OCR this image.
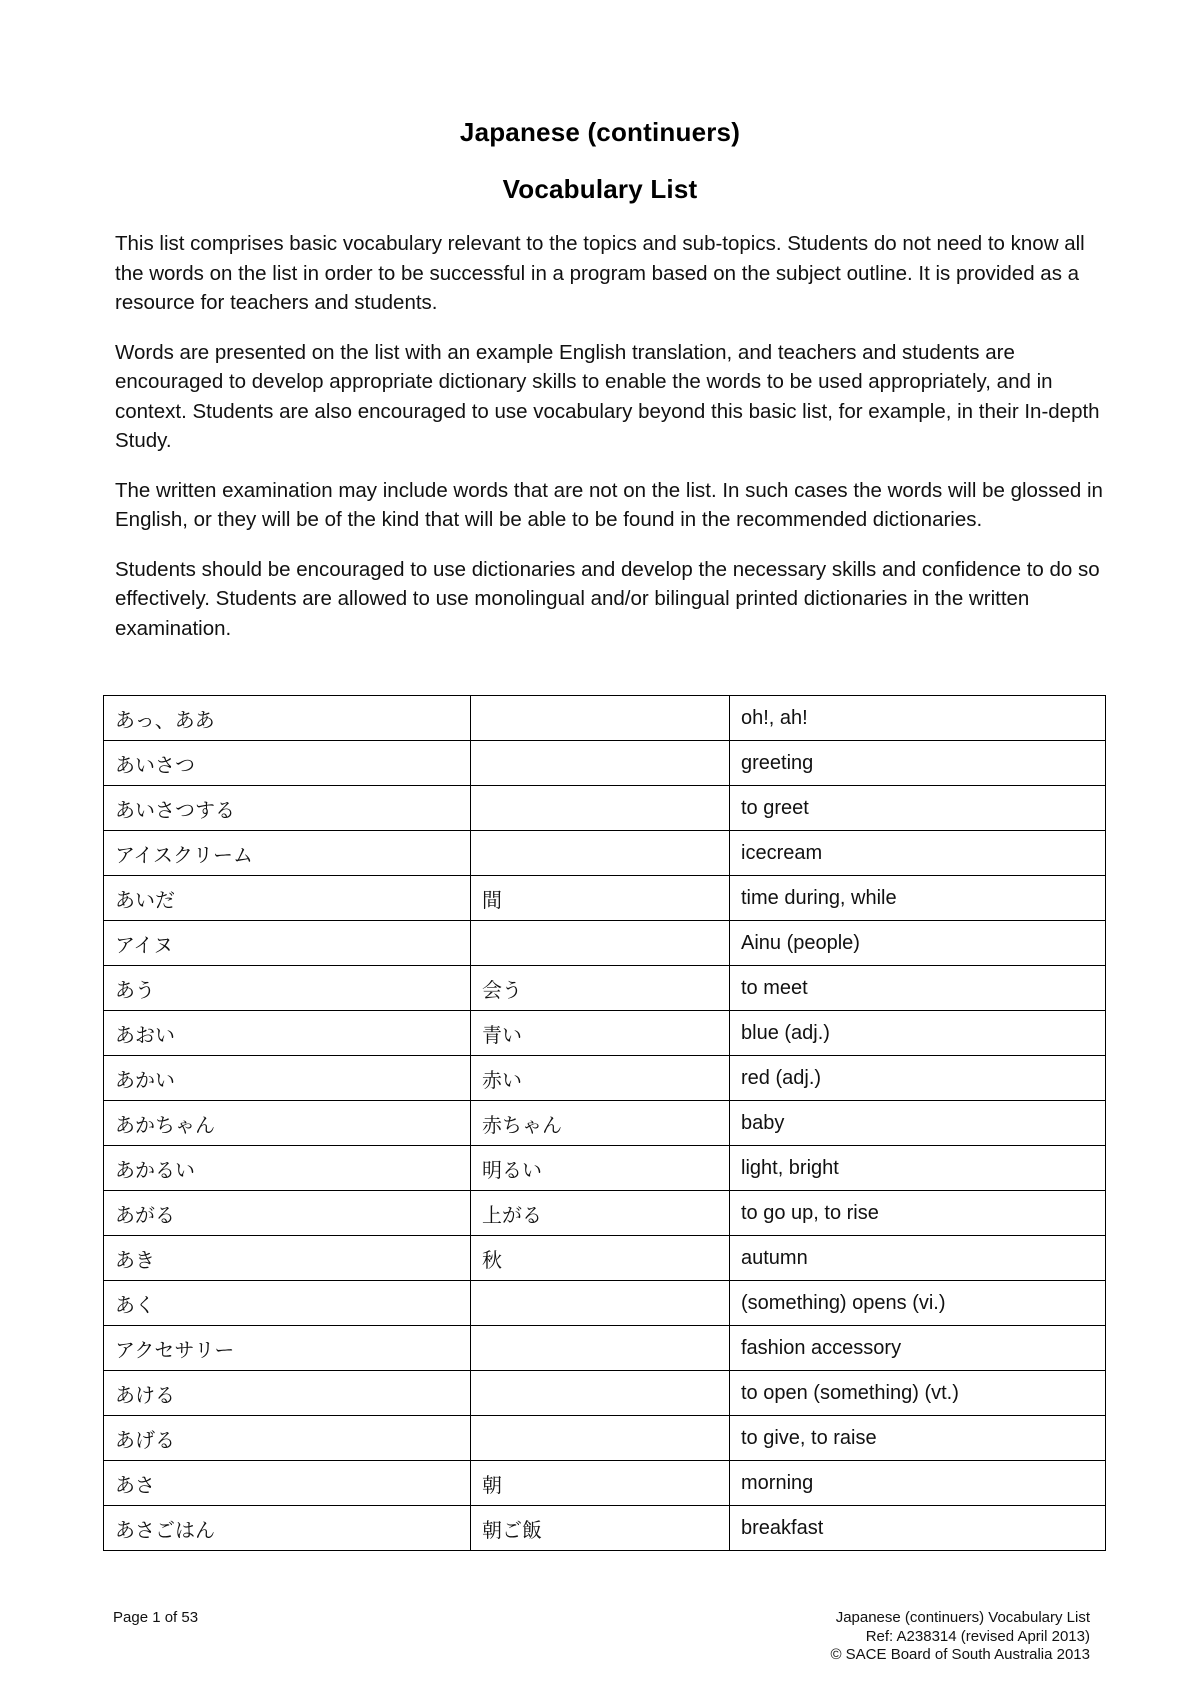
Japanese (continuers)
Vocabulary List

This list comprises basic vocabulary relevant to the topics and sub-topics. Students do not need to know all the words on the list in order to be successful in a program based on the subject outline. It is provided as a resource for teachers and students.

Words are presented on the list with an example English translation, and teachers and students are encouraged to develop appropriate dictionary skills to enable the words to be used appropriately, and in context. Students are also encouraged to use vocabulary beyond this basic list, for example, in their In-depth Study.

The written examination may include words that are not on the list. In such cases the words will be glossed in English, or they will be of the kind that will be able to be found in the recommended dictionaries.

Students should be encouraged to use dictionaries and develop the necessary skills and confidence to do so effectively. Students are allowed to use monolingual and/or bilingual printed dictionaries in the written examination.

あっ、ああ		oh!, ah!
あいさつ		greeting
あいさつする		to greet
アイスクリーム		icecream
あいだ	間	time during, while
アイヌ		Ainu (people)
あう	会う	to meet
あおい	青い	blue (adj.)
あかい	赤い	red (adj.)
あかちゃん	赤ちゃん	baby
あかるい	明るい	light, bright
あがる	上がる	to go up, to rise
あき	秋	autumn
あく		(something) opens (vi.)
アクセサリー		fashion accessory
あける		to open (something) (vt.)
あげる		to give, to raise
あさ	朝	morning
あさごはん	朝ご飯	breakfast
Page 1 of 53	Japanese (continuers) Vocabulary List
Ref: A238314 (revised April 2013)
© SACE Board of South Australia 2013
